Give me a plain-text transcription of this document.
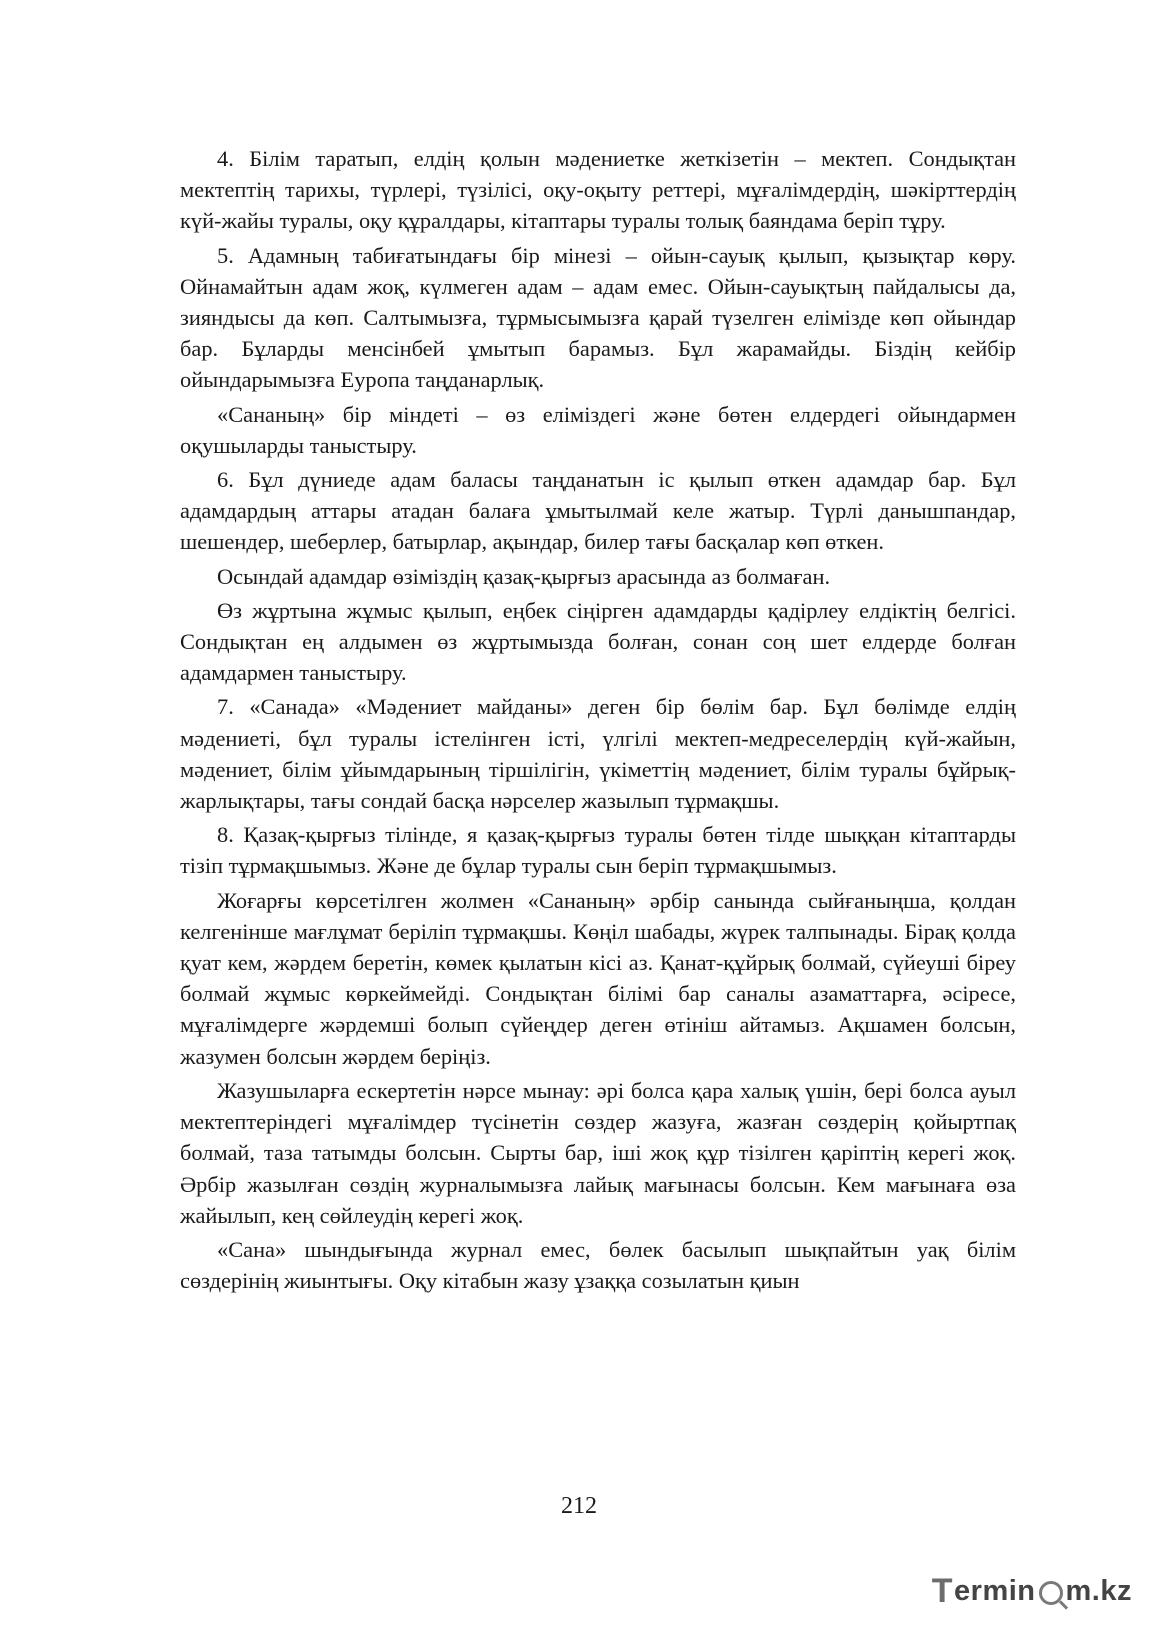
4. Білім таратып, елдің қолын мәдениетке жеткізетін – мектеп. Сондықтан мектептің тарихы, түрлері, түзілісі, оқу-оқыту реттері, мұғалімдердің, шәкірттердің күй-жайы туралы, оқу құралдары, кітаптары туралы толық баяндама беріп тұру.

5. Адамның табиғатындағы бір мінезі – ойын-сауық қылып, қызықтар көру. Ойнамайтын адам жоқ, күлмеген адам – адам емес. Ойын-сауықтың пайдалысы да, зияндысы да көп. Салтымызға, тұрмысымызға қарай түзелген елімізде көп ойындар бар. Бұларды менсінбей ұмытып барамыз. Бұл жарамайды. Біздің кейбір ойындарымызға Еуропа таңданарлық.

«Сананың» бір міндеті – өз еліміздегі және бөтен елдердегі ойындармен оқушыларды таныстыру.

6. Бұл дүниеде адам баласы таңданатын іс қылып өткен адамдар бар. Бұл адамдардың аттары атадан балаға ұмытылмай келе жатыр. Түрлі данышпандар, шешендер, шеберлер, батырлар, ақындар, билер тағы басқалар көп өткен.

Осындай адамдар өзіміздің қазақ-қырғыз арасында аз болмаған.

Өз жұртына жұмыс қылып, еңбек сіңірген адамдарды қадірлеу елдіктің белгісі. Сондықтан ең алдымен өз жұртымызда болған, сонан соң шет елдерде болған адамдармен таныстыру.

7. «Санада» «Мәдениет майданы» деген бір бөлім бар. Бұл бөлімде елдің мәдениеті, бұл туралы істелінген істі, үлгілі мектеп-медреселердің күй-жайын, мәдениет, білім ұйымдарының тіршілігін, үкіметтің мәдениет, білім туралы бұйрық-жарлықтары, тағы сондай басқа нәрселер жазылып тұрмақшы.

8. Қазақ-қырғыз тілінде, я қазақ-қырғыз туралы бөтен тілде шыққан кітаптарды тізіп тұрмақшымыз. Және де бұлар туралы сын беріп тұрмақшымыз.

Жоғарғы көрсетілген жолмен «Сананың» әрбір санында сыйғаныңша, қолдан келгенінше мағлұмат беріліп тұрмақшы. Көңіл шабады, жүрек талпынады. Бірақ қолда қуат кем, жәрдем беретін, көмек қылатын кісі аз. Қанат-құйрық болмай, сүйеуші біреу болмай жұмыс көркеймейді. Сондықтан білімі бар саналы азаматтарға, әсіресе, мұғалімдерге жәрдемші болып сүйеңдер деген өтініш айтамыз. Ақшамен болсын, жазумен болсын жәрдем беріңіз.

Жазушыларға ескертетін нәрсе мынау: әрі болса қара халық үшін, бері болса ауыл мектептеріндегі мұғалімдер түсінетін сөздер жазуға, жазған сөздерің қойыртпақ болмай, таза татымды болсын. Сырты бар, іші жоқ құр тізілген қаріптің керегі жоқ. Әрбір жазылған сөздің журналымызға лайық мағынасы болсын. Кем мағынаға өза жайылып, кең сөйлеудің керегі жоқ.

«Сана» шындығында журнал емес, бөлек басылып шықпайтын уақ білім сөздерінің жиынтығы. Оқу кітабын жазу ұзаққа созылатын қиын

212
T ermin m.kz
